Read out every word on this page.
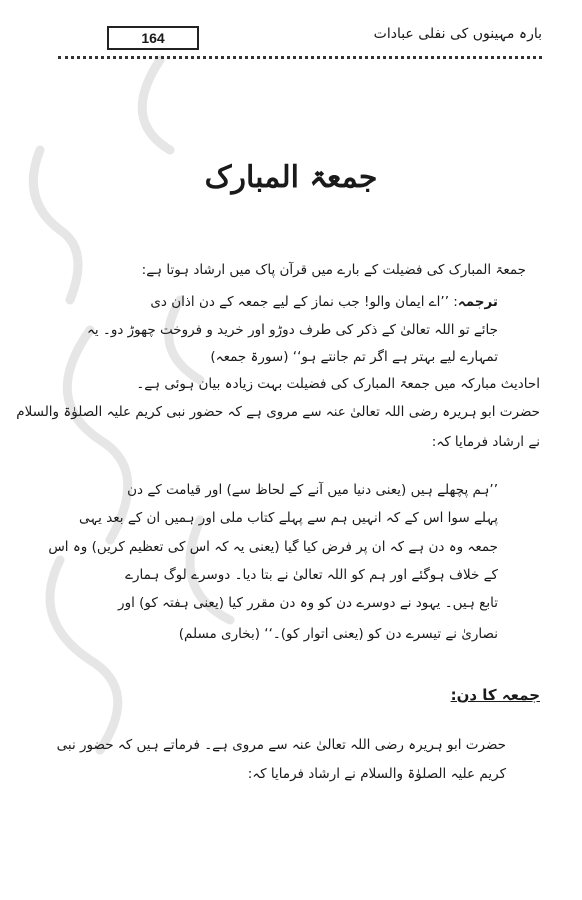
164	بارہ مہینوں کی نفلی عبادات
جمعۃ المبارک
جمعۃ المبارک کی فضیلت کے بارے میں قرآن پاک میں ارشاد ہوتا ہے:
ترجمہ: ’’اے ایمان والو! جب نماز کے لیے جمعہ کے دن اذان دی
جائے تو اللہ تعالیٰ کے ذکر کی طرف دوڑو اور خرید و فروخت چھوڑ دو۔ یہ
تمہارے لیے بہتر ہے اگر تم جانتے ہو‘‘ (سورۃ جمعہ)
احادیث مبارکہ میں جمعۃ المبارک کی فضیلت بہت زیادہ بیان ہوئی ہے۔
حضرت ابو ہریرہ رضی اللہ تعالیٰ عنہ سے مروی ہے کہ حضور نبی کریم علیہ الصلوٰۃ والسلام
نے ارشاد فرمایا کہ:
’’ہم پچھلے ہیں (یعنی دنیا میں آنے کے لحاظ سے) اور قیامت کے دن
پہلے سوا اس کے کہ انہیں ہم سے پہلے کتاب ملی اور ہمیں ان کے بعد یہی
جمعہ وہ دن ہے کہ ان پر فرض کیا گیا (یعنی یہ کہ اس کی تعظیم کریں) وہ اس
کے خلاف ہوگئے اور ہم کو اللہ تعالیٰ نے بتا دیا۔ دوسرے لوگ ہمارے
تابع ہیں۔ یہود نے دوسرے دن کو وہ دن مقرر کیا (یعنی ہفتہ کو) اور
نصاریٰ نے تیسرے دن کو (یعنی اتوار کو)۔‘‘ (بخاری مسلم)
جمعہ کا دن:
حضرت ابو ہریرہ رضی اللہ تعالیٰ عنہ سے مروی ہے۔ فرماتے ہیں کہ حضور نبی
کریم علیہ الصلوٰۃ والسلام نے ارشاد فرمایا کہ:
